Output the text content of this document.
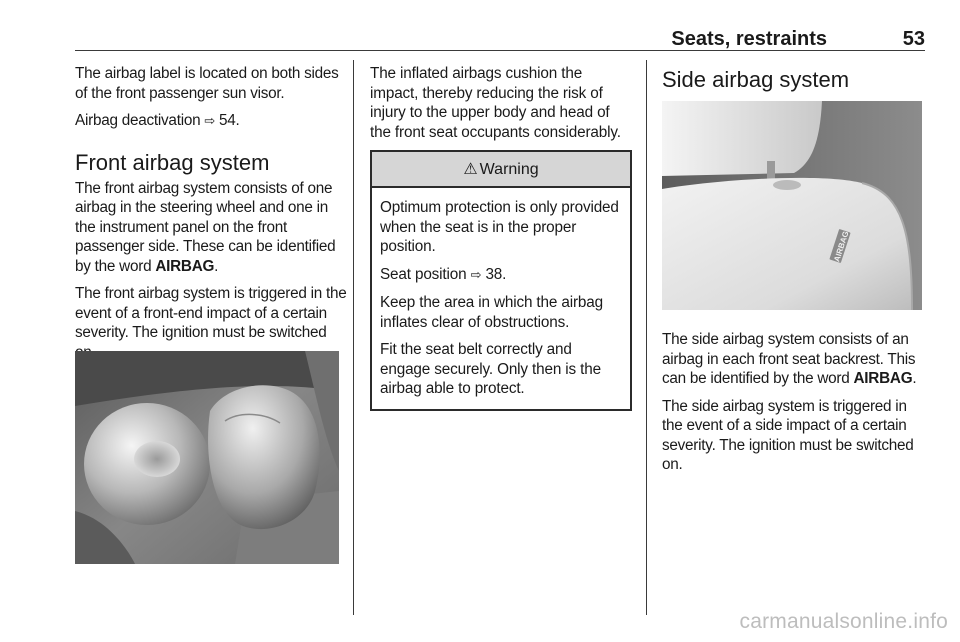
Seats, restraints	53

The airbag label is located on both sides of the front passenger sun visor.

Airbag deactivation ⇨ 54.

Front airbag system

The front airbag system consists of one airbag in the steering wheel and one in the instrument panel on the front passenger side. These can be identified by the word AIRBAG.

The front airbag system is triggered in the event of a front-end impact of a certain severity. The ignition must be switched

The inflated airbags cushion the impact, thereby reducing the risk of injury to the upper body and head of the front seat occupants considerably.

⚠ Warning

Optimum protection is only provided when the seat is in the proper position.

Seat position ⇨ 38.

Keep the area in which the airbag inflates clear of obstructions.

Fit the seat belt correctly and engage securely. Only then is the airbag able to protect.

Side airbag system
AIRBAG

The side airbag system consists of an airbag in each front seat backrest. This can be identified by the word AIRBAG.

The side airbag system is triggered in the event of a side impact of a certain severity. The ignition must be switched on.

carmanualsonline.info
